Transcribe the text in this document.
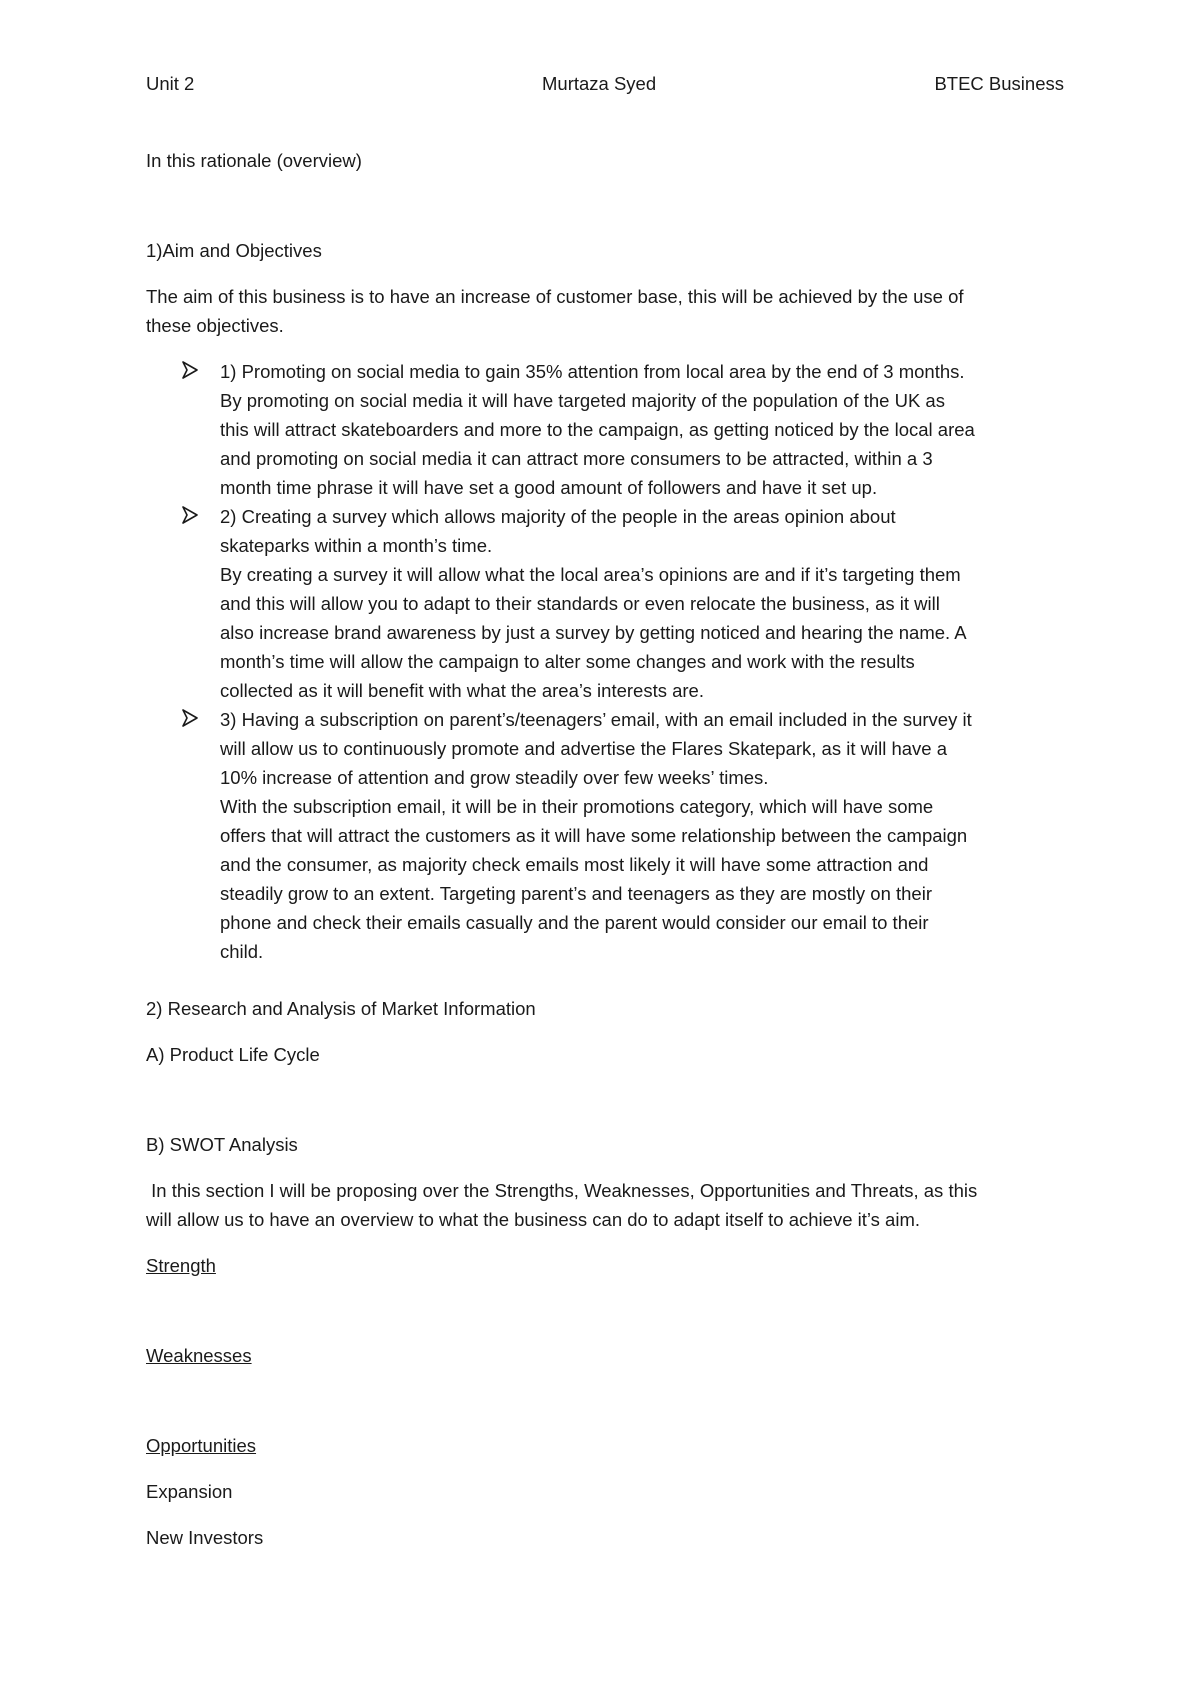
Unit 2	Murtaza Syed	BTEC Business
In this rationale (overview)
1)Aim and Objectives
The aim of this business is to have an increase of customer base, this will be achieved by the use of
these objectives.
1) Promoting on social media to gain 35% attention from local area by the end of 3 months.
By promoting on social media it will have targeted majority of the population of the UK as
this will attract skateboarders and more to the campaign, as getting noticed by the local area
and promoting on social media it can attract more consumers to be attracted, within a 3
month time phrase it will have set a good amount of followers and have it set up.
2) Creating a survey which allows majority of the people in the areas opinion about
skateparks within a month’s time.
By creating a survey it will allow what the local area’s opinions are and if it’s targeting them
and this will allow you to adapt to their standards or even relocate the business, as it will
also increase brand awareness by just a survey by getting noticed and hearing the name. A
month’s time will allow the campaign to alter some changes and work with the results
collected as it will benefit with what the area’s interests are.
3) Having a subscription on parent’s/teenagers’ email, with an email included in the survey it
will allow us to continuously promote and advertise the Flares Skatepark, as it will have a
10% increase of attention and grow steadily over few weeks’ times.
With the subscription email, it will be in their promotions category, which will have some
offers that will attract the customers as it will have some relationship between the campaign
and the consumer, as majority check emails most likely it will have some attraction and
steadily grow to an extent. Targeting parent’s and teenagers as they are mostly on their
phone and check their emails casually and the parent would consider our email to their
child.
2) Research and Analysis of Market Information
A) Product Life Cycle
B) SWOT Analysis
In this section I will be proposing over the Strengths, Weaknesses, Opportunities and Threats, as this
will allow us to have an overview to what the business can do to adapt itself to achieve it’s aim.
Strength
Weaknesses
Opportunities
Expansion
New Investors
